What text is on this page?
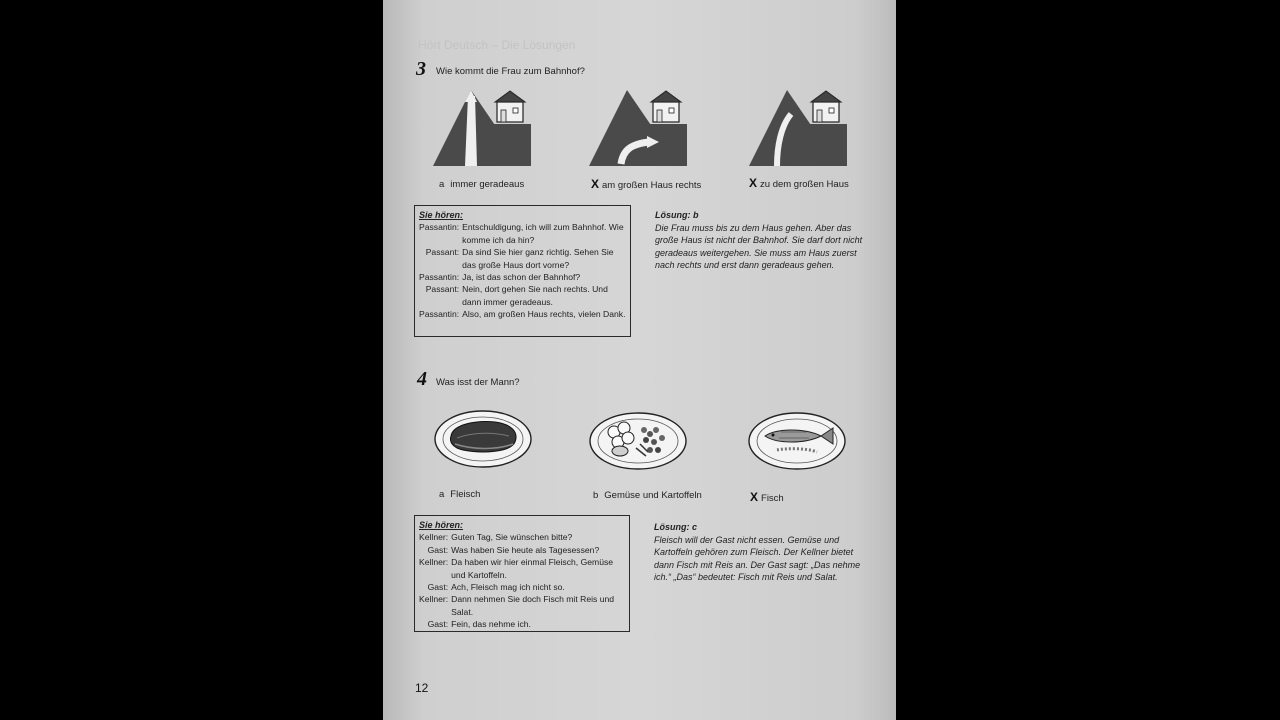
Hört Deutsch – Die Lösungen
3 Wie kommt die Frau zum Bahnhof?
a immer geradeaus	X am großen Haus rechts	X zu dem großen Haus
Sie hören:
Passantin:	Entschuldigung, ich will zum Bahnhof. Wie komme ich da hin?
Passant:	Da sind Sie hier ganz richtig. Sehen Sie das große Haus dort vorne?
Passantin:	Ja, ist das schon der Bahnhof?
Passant:	Nein, dort gehen Sie nach rechts. Und dann immer geradeaus.
Passantin:	Also, am großen Haus rechts, vielen Dank.
Lösung: b
Die Frau muss bis zu dem Haus gehen. Aber das große Haus ist nicht der Bahnhof. Sie darf dort nicht geradeaus weitergehen. Sie muss am Haus zuerst nach rechts und erst dann geradeaus gehen.
4 Was isst der Mann?
a Fleisch	b Gemüse und Kartoffeln	X Fisch
Sie hören:
Kellner:	Guten Tag, Sie wünschen bitte?
Gast:	Was haben Sie heute als Tagesessen?
Kellner:	Da haben wir hier einmal Fleisch, Gemüse und Kartoffeln.
Gast:	Ach, Fleisch mag ich nicht so.
Kellner:	Dann nehmen Sie doch Fisch mit Reis und Salat.
Gast:	Fein, das nehme ich.
Lösung: c
Fleisch will der Gast nicht essen. Gemüse und Kartoffeln gehören zum Fleisch. Der Kellner bietet dann Fisch mit Reis an. Der Gast sagt: „Das nehme ich.“ „Das“ bedeutet: Fisch mit Reis und Salat.
12
